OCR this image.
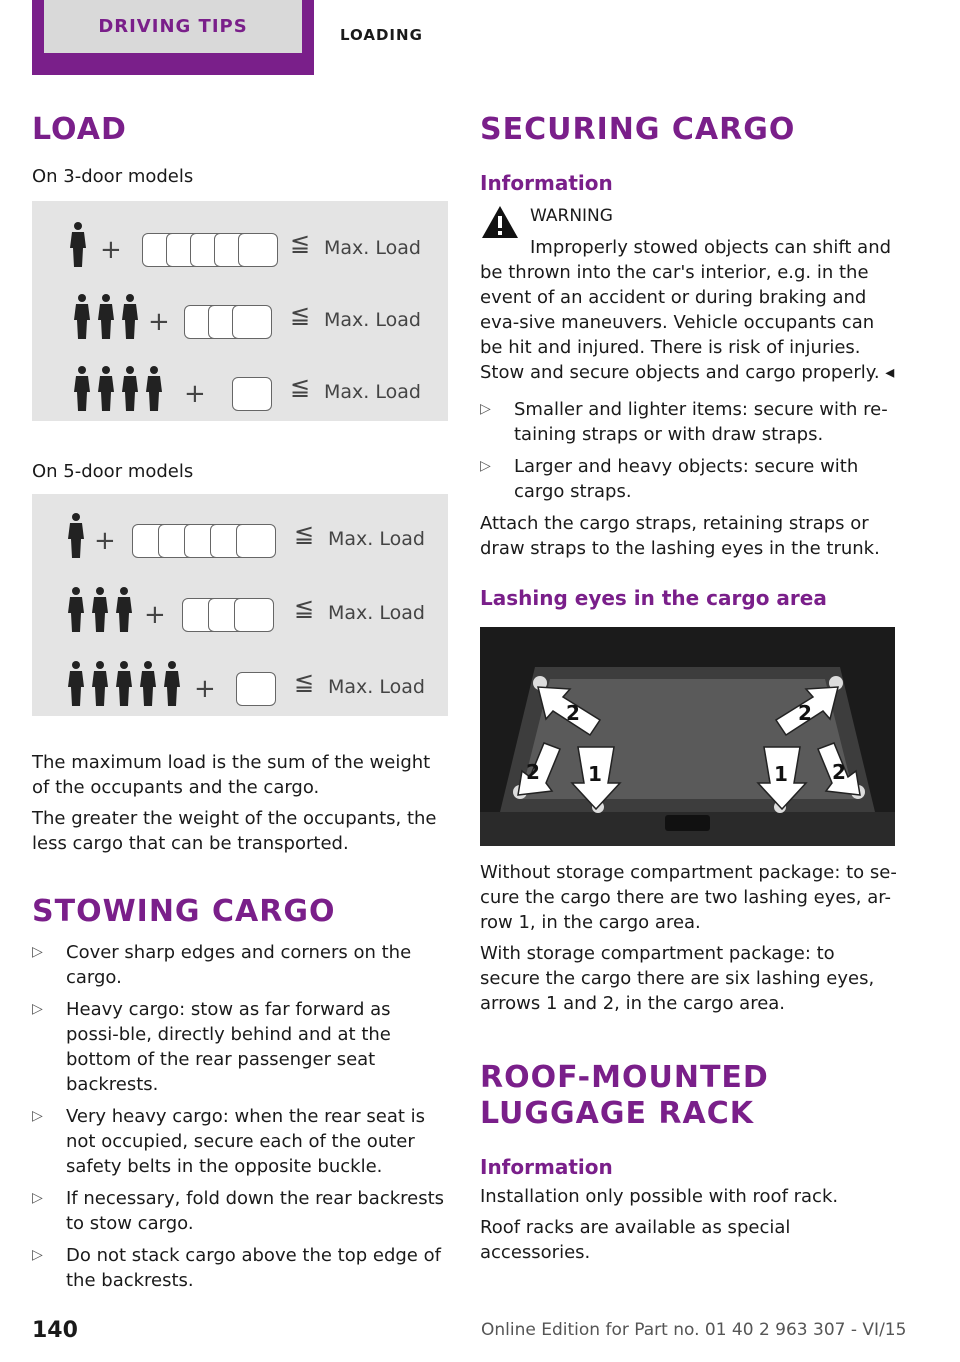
DRIVING TIPS	LOADING
LOAD

On 3-door models

+	≦ Max. Load
+	≦ Max. Load
+	≦ Max. Load

On 5-door models

+	≦ Max. Load
+	≦ Max. Load
+	≦ Max. Load

The maximum load is the sum of the weight of the occupants and the cargo.

The greater the weight of the occupants, the less cargo that can be transported.

STOWING CARGO
▷ Cover sharp edges and corners on the cargo.
▷ Heavy cargo: stow as far forward as possi-ble, directly behind and at the bottom of the rear passenger seat backrests.
▷ Very heavy cargo: when the rear seat is not occupied, secure each of the outer safety belts in the opposite buckle.
▷ If necessary, fold down the rear backrests to stow cargo.
▷ Do not stack cargo above the top edge of the backrests.
SECURING CARGO
Information

WARNING

Improperly stowed objects can shift and be thrown into the car's interior, e.g. in the event of an accident or during braking and eva-sive maneuvers. Vehicle occupants can be hit and injured. There is risk of injuries. Stow and secure objects and cargo properly. ◂

▷ Smaller and lighter items: secure with re-taining straps or with draw straps.
▷ Larger and heavy objects: secure with cargo straps.

Attach the cargo straps, retaining straps or draw straps to the lashing eyes in the trunk.

Lashing eyes in the cargo area
2	2
2	2
1	1

Without storage compartment package: to se-cure the cargo there are two lashing eyes, ar-row 1, in the cargo area.

With storage compartment package: to secure the cargo there are six lashing eyes, arrows 1 and 2, in the cargo area.

ROOF-MOUNTED LUGGAGE RACK
Information

Installation only possible with roof rack.

Roof racks are available as special accessories.

140	Online Edition for Part no. 01 40 2 963 307 - VI/15
